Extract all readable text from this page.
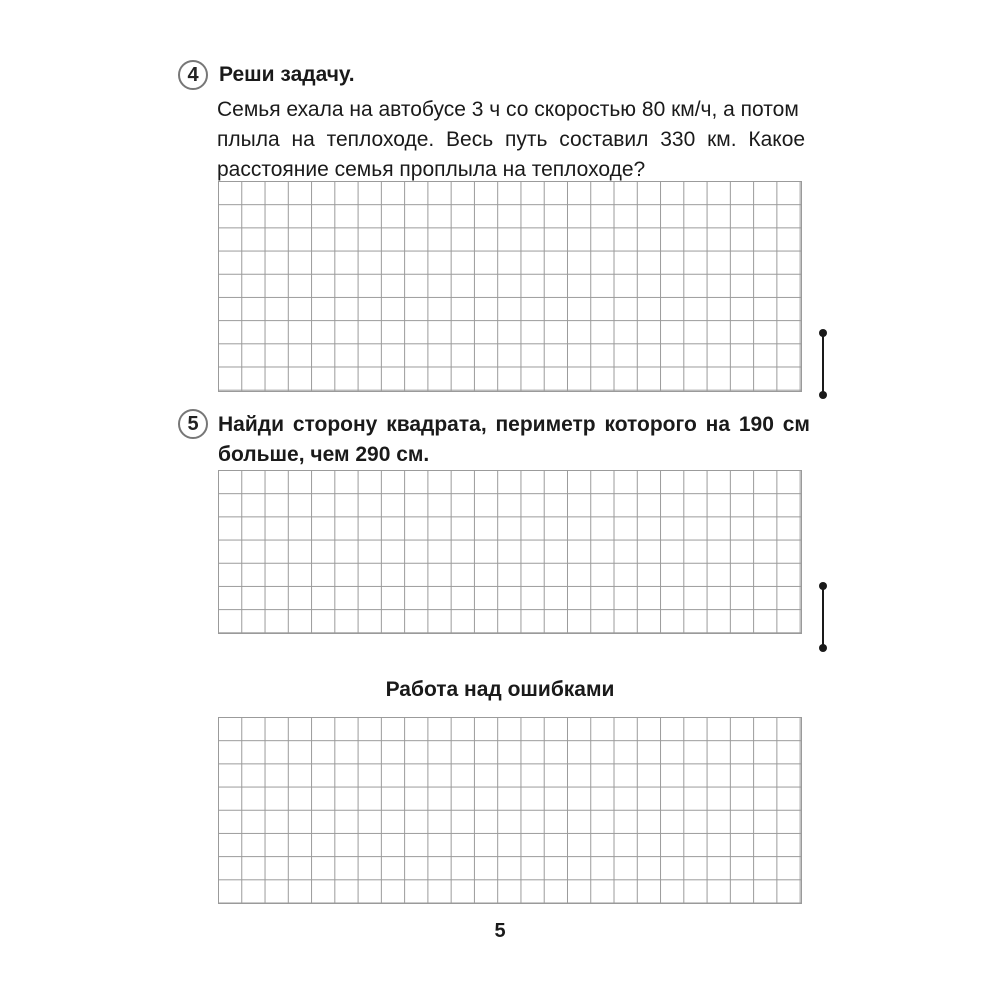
4 Реши задачу.
Семья ехала на автобусе 3 ч со скоростью 80 км/ч, а потом
плыла на теплоходе. Весь путь составил 330 км. Какое
расстояние семья проплыла на теплоходе?
5 Найди сторону квадрата, периметр которого на 190 см
больше, чем 290 см.
Работа над ошибками
5
